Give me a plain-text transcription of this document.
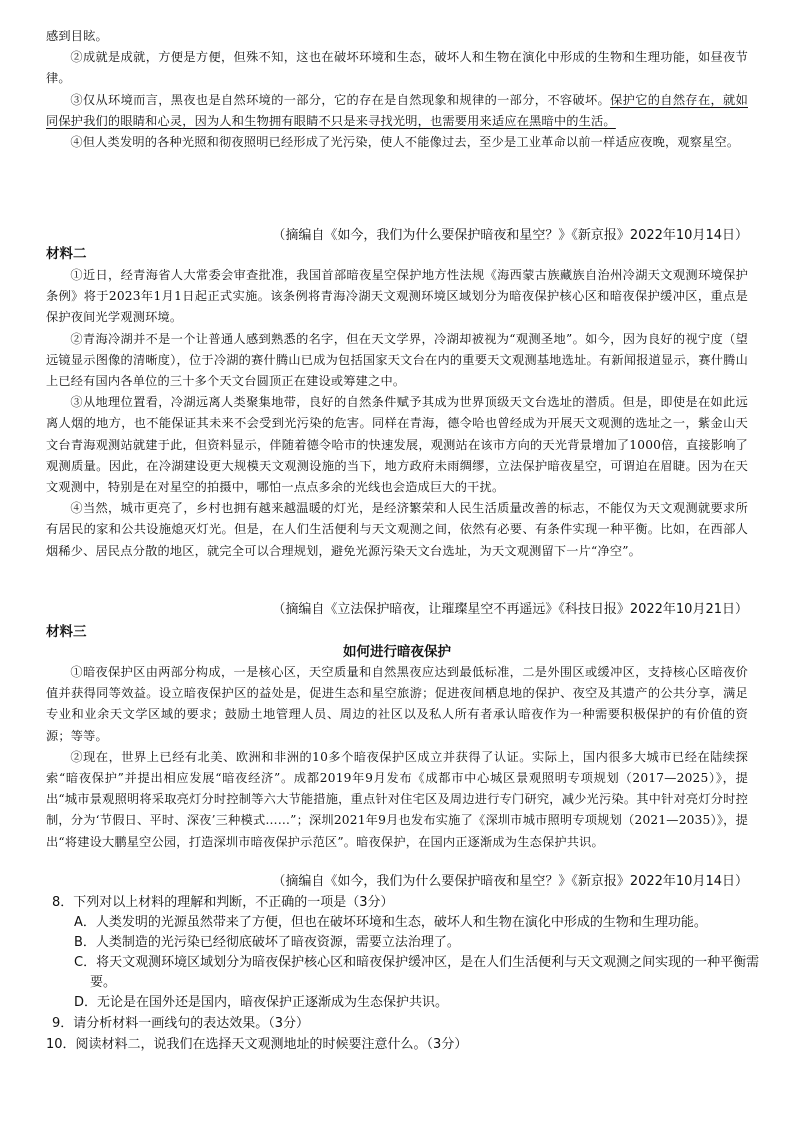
感到目眩。

②成就是成就，方便是方便，但殊不知，这也在破坏环境和生态，破坏人和生物在演化中形成的生物和生理功能，如昼夜节律。

③仅从环境而言，黑夜也是自然环境的一部分，它的存在是自然现象和规律的一部分，不容破坏。保护它的自然存在，就如同保护我们的眼睛和心灵，因为人和生物拥有眼睛不只是来寻找光明，也需要用来适应在黑暗中的生活。

④但人类发明的各种光照和彻夜照明已经形成了光污染，使人不能像过去，至少是工业革命以前一样适应夜晚，观察星空。

（摘编自《如今，我们为什么要保护暗夜和星空？》《新京报》2022年10月14日）
材料二

①近日，经青海省人大常委会审查批准，我国首部暗夜星空保护地方性法规《海西蒙古族藏族自治州冷湖天文观测环境保护条例》将于2023年1月1日起正式实施。该条例将青海冷湖天文观测环境区域划分为暗夜保护核心区和暗夜保护缓冲区，重点是保护夜间光学观测环境。

②青海冷湖并不是一个让普通人感到熟悉的名字，但在天文学界，冷湖却被视为“观测圣地”。如今，因为良好的视宁度（望远镜显示图像的清晰度），位于冷湖的赛什腾山已成为包括国家天文台在内的重要天文观测基地选址。有新闻报道显示，赛什腾山上已经有国内各单位的三十多个天文台圆顶正在建设或筹建之中。

③从地理位置看，冷湖远离人类聚集地带，良好的自然条件赋予其成为世界顶级天文台选址的潜质。但是，即使是在如此远离人烟的地方，也不能保证其未来不会受到光污染的危害。同样在青海，德令哈也曾经成为开展天文观测的选址之一，紫金山天文台青海观测站就建于此，但资料显示，伴随着德令哈市的快速发展，观测站在该市方向的天光背景增加了1000倍，直接影响了观测质量。因此，在冷湖建设更大规模天文观测设施的当下，地方政府未雨绸缪，立法保护暗夜星空，可谓迫在眉睫。因为在天文观测中，特别是在对星空的拍摄中，哪怕一点点多余的光线也会造成巨大的干扰。

④当然，城市更亮了，乡村也拥有越来越温暖的灯光，是经济繁荣和人民生活质量改善的标志，不能仅为天文观测就要求所有居民的家和公共设施熄灭灯光。但是，在人们生活便利与天文观测之间，依然有必要、有条件实现一种平衡。比如，在西部人烟稀少、居民点分散的地区，就完全可以合理规划，避免光源污染天文台选址，为天文观测留下一片“净空”。

（摘编自《立法保护暗夜，让璀璨星空不再遥远》《科技日报》2022年10月21日）
材料三
如何进行暗夜保护

①暗夜保护区由两部分构成，一是核心区，天空质量和自然黑夜应达到最低标准，二是外围区或缓冲区，支持核心区暗夜价值并获得同等效益。设立暗夜保护区的益处是，促进生态和星空旅游；促进夜间栖息地的保护、夜空及其遗产的公共分享，满足专业和业余天文学区域的要求；鼓励土地管理人员、周边的社区以及私人所有者承认暗夜作为一种需要积极保护的有价值的资源；等等。

②现在，世界上已经有北美、欧洲和非洲的10多个暗夜保护区成立并获得了认证。实际上，国内很多大城市已经在陆续探索“暗夜保护”并提出相应发展“暗夜经济”。成都2019年9月发布《成都市中心城区景观照明专项规划（2017—2025）》，提出“城市景观照明将采取亮灯分时控制等六大节能措施，重点针对住宅区及周边进行专门研究，减少光污染。其中针对亮灯分时控制，分为‘节假日、平时、深夜’三种模式……”；深圳2021年9月也发布实施了《深圳市城市照明专项规划（2021—2035）》，提出“将建设大鹏星空公园，打造深圳市暗夜保护示范区”。暗夜保护，在国内正逐渐成为生态保护共识。

（摘编自《如今，我们为什么要保护暗夜和星空？》《新京报》2022年10月14日）
8．下列对以上材料的理解和判断，不正确的一项是（3分）
A．人类发明的光源虽然带来了方便，但也在破坏环境和生态，破坏人和生物在演化中形成的生物和生理功能。
B．人类制造的光污染已经彻底破坏了暗夜资源，需要立法治理了。
C．将天文观测环境区域划分为暗夜保护核心区和暗夜保护缓冲区，是在人们生活便利与天文观测之间实现的一种平衡需要。
D．无论是在国外还是国内，暗夜保护正逐渐成为生态保护共识。
9．请分析材料一画线句的表达效果。（3分）
10．阅读材料二，说我们在选择天文观测地址的时候要注意什么。（3分）
